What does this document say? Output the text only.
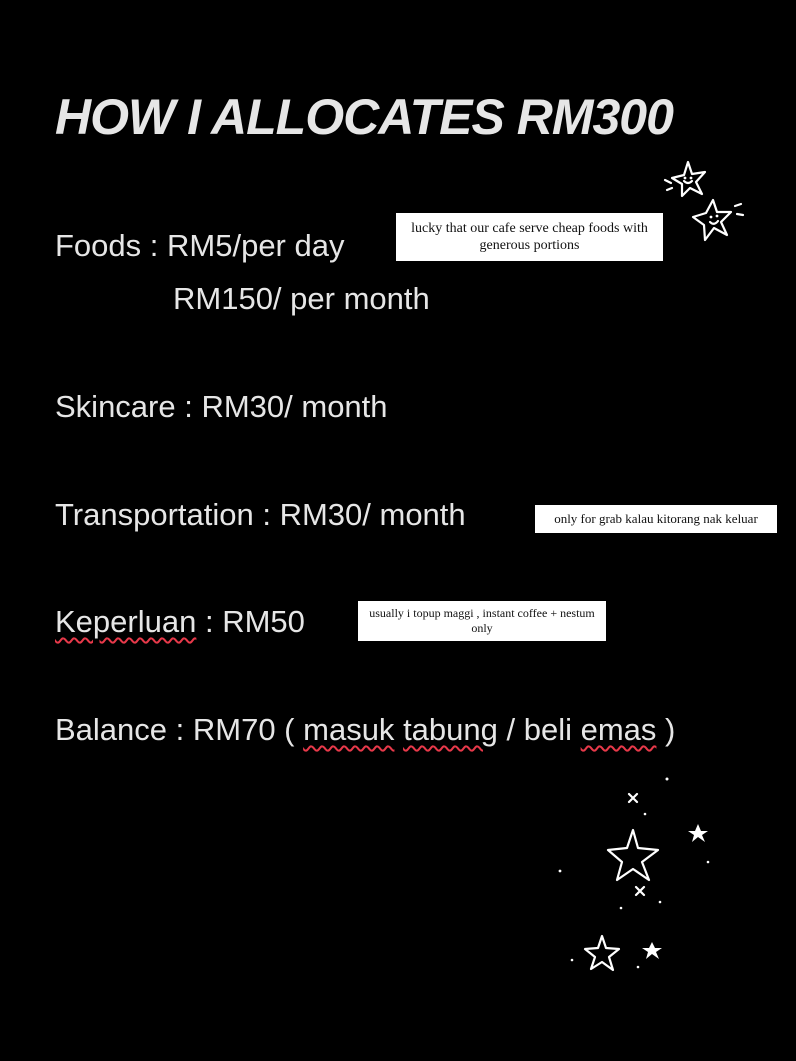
HOW I ALLOCATES RM300
Foods : RM5/per day
RM150/ per month
lucky that our cafe serve cheap foods with generous portions
Skincare : RM30/ month
Transportation : RM30/ month	only for grab kalau kitorang nak keluar
Keperluan : RM50	usually i topup maggi , instant coffee + nestum only
Balance : RM70 ( masuk tabung / beli emas )
